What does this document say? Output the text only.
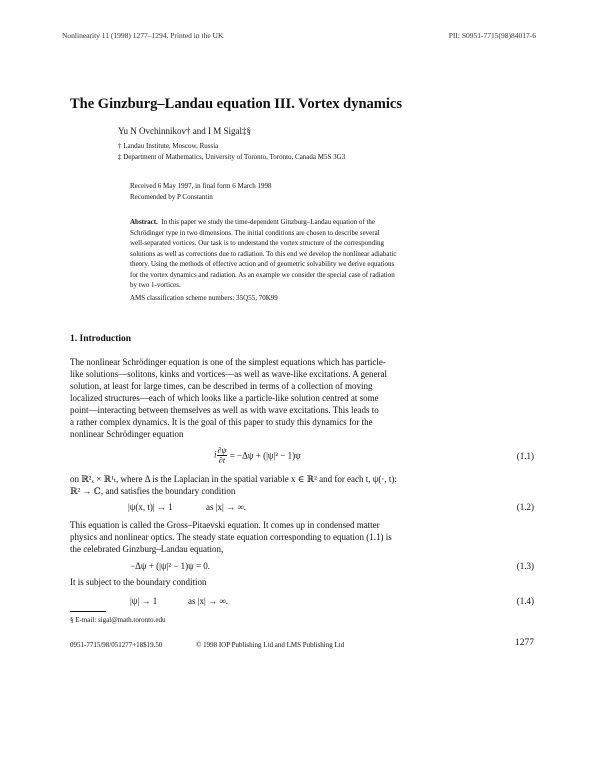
Nonlinearity 11 (1998) 1277–1294. Printed in the UK	PII: S0951-7715(98)84017-6
The Ginzburg–Landau equation III. Vortex dynamics
Yu N Ovchinnikov† and I M Sigal‡§
† Landau Institute, Moscow, Russia
‡ Department of Mathematics, University of Toronto, Toronto, Canada M5S 3G3
Received 6 May 1997, in final form 6 March 1998
Recomended by P Constantin
Abstract. In this paper we study the time-dependent Ginzburg–Landau equation of the
Schrödinger type in two dimensions. The initial conditions are chosen to describe several
well-separated vortices. Our task is to understand the vortex structure of the corresponding
solutions as well as corrections due to radiation. To this end we develop the nonlinear adiabatic
theory. Using the methods of effective action and of geometric solvability we derive equations
for the vortex dynamics and radiation. As an example we consider the special case of radiation
by two 1-vortices.
AMS classification scheme numbers: 35Q55, 70K99
1. Introduction
The nonlinear Schrödinger equation is one of the simplest equations which has particle-
like solutions—solitons, kinks and vortices—as well as wave-like excitations. A general
solution, at least for large times, can be described in terms of a collection of moving
localized structures—each of which looks like a particle-like solution centred at some
point—interacting between themselves as well as with wave excitations. This leads to
a rather complex dynamics. It is the goal of this paper to study this dynamics for the
nonlinear Schrödinger equation
i $\frac{\partial\psi}{\partial t} = -\Delta\psi + (|\psi|^2 - 1)\psi$	(1.1)
on ℝ²ₓ × ℝ¹ₜ, where Δ is the Laplacian in the spatial variable x ∈ ℝ² and for each t, ψ(·, t):
ℝ² → ℂ, and satisfies the boundary condition
|ψ(x, t)| → 1	as |x| → ∞.	(1.2)
This equation is called the Gross–Pitaevski equation. It comes up in condensed matter
physics and nonlinear optics. The steady state equation corresponding to equation (1.1) is
the celebrated Ginzburg–Landau equation,
−Δψ + (|ψ|² − 1)ψ = 0.	(1.3)
It is subject to the boundary condition
|ψ| → 1	as |x| → ∞.	(1.4)
§ E-mail: sigal@math.toronto.edu
0951-7715/98/051277+18$19.50	© 1998 IOP Publishing Ltd and LMS Publishing Ltd	1277
